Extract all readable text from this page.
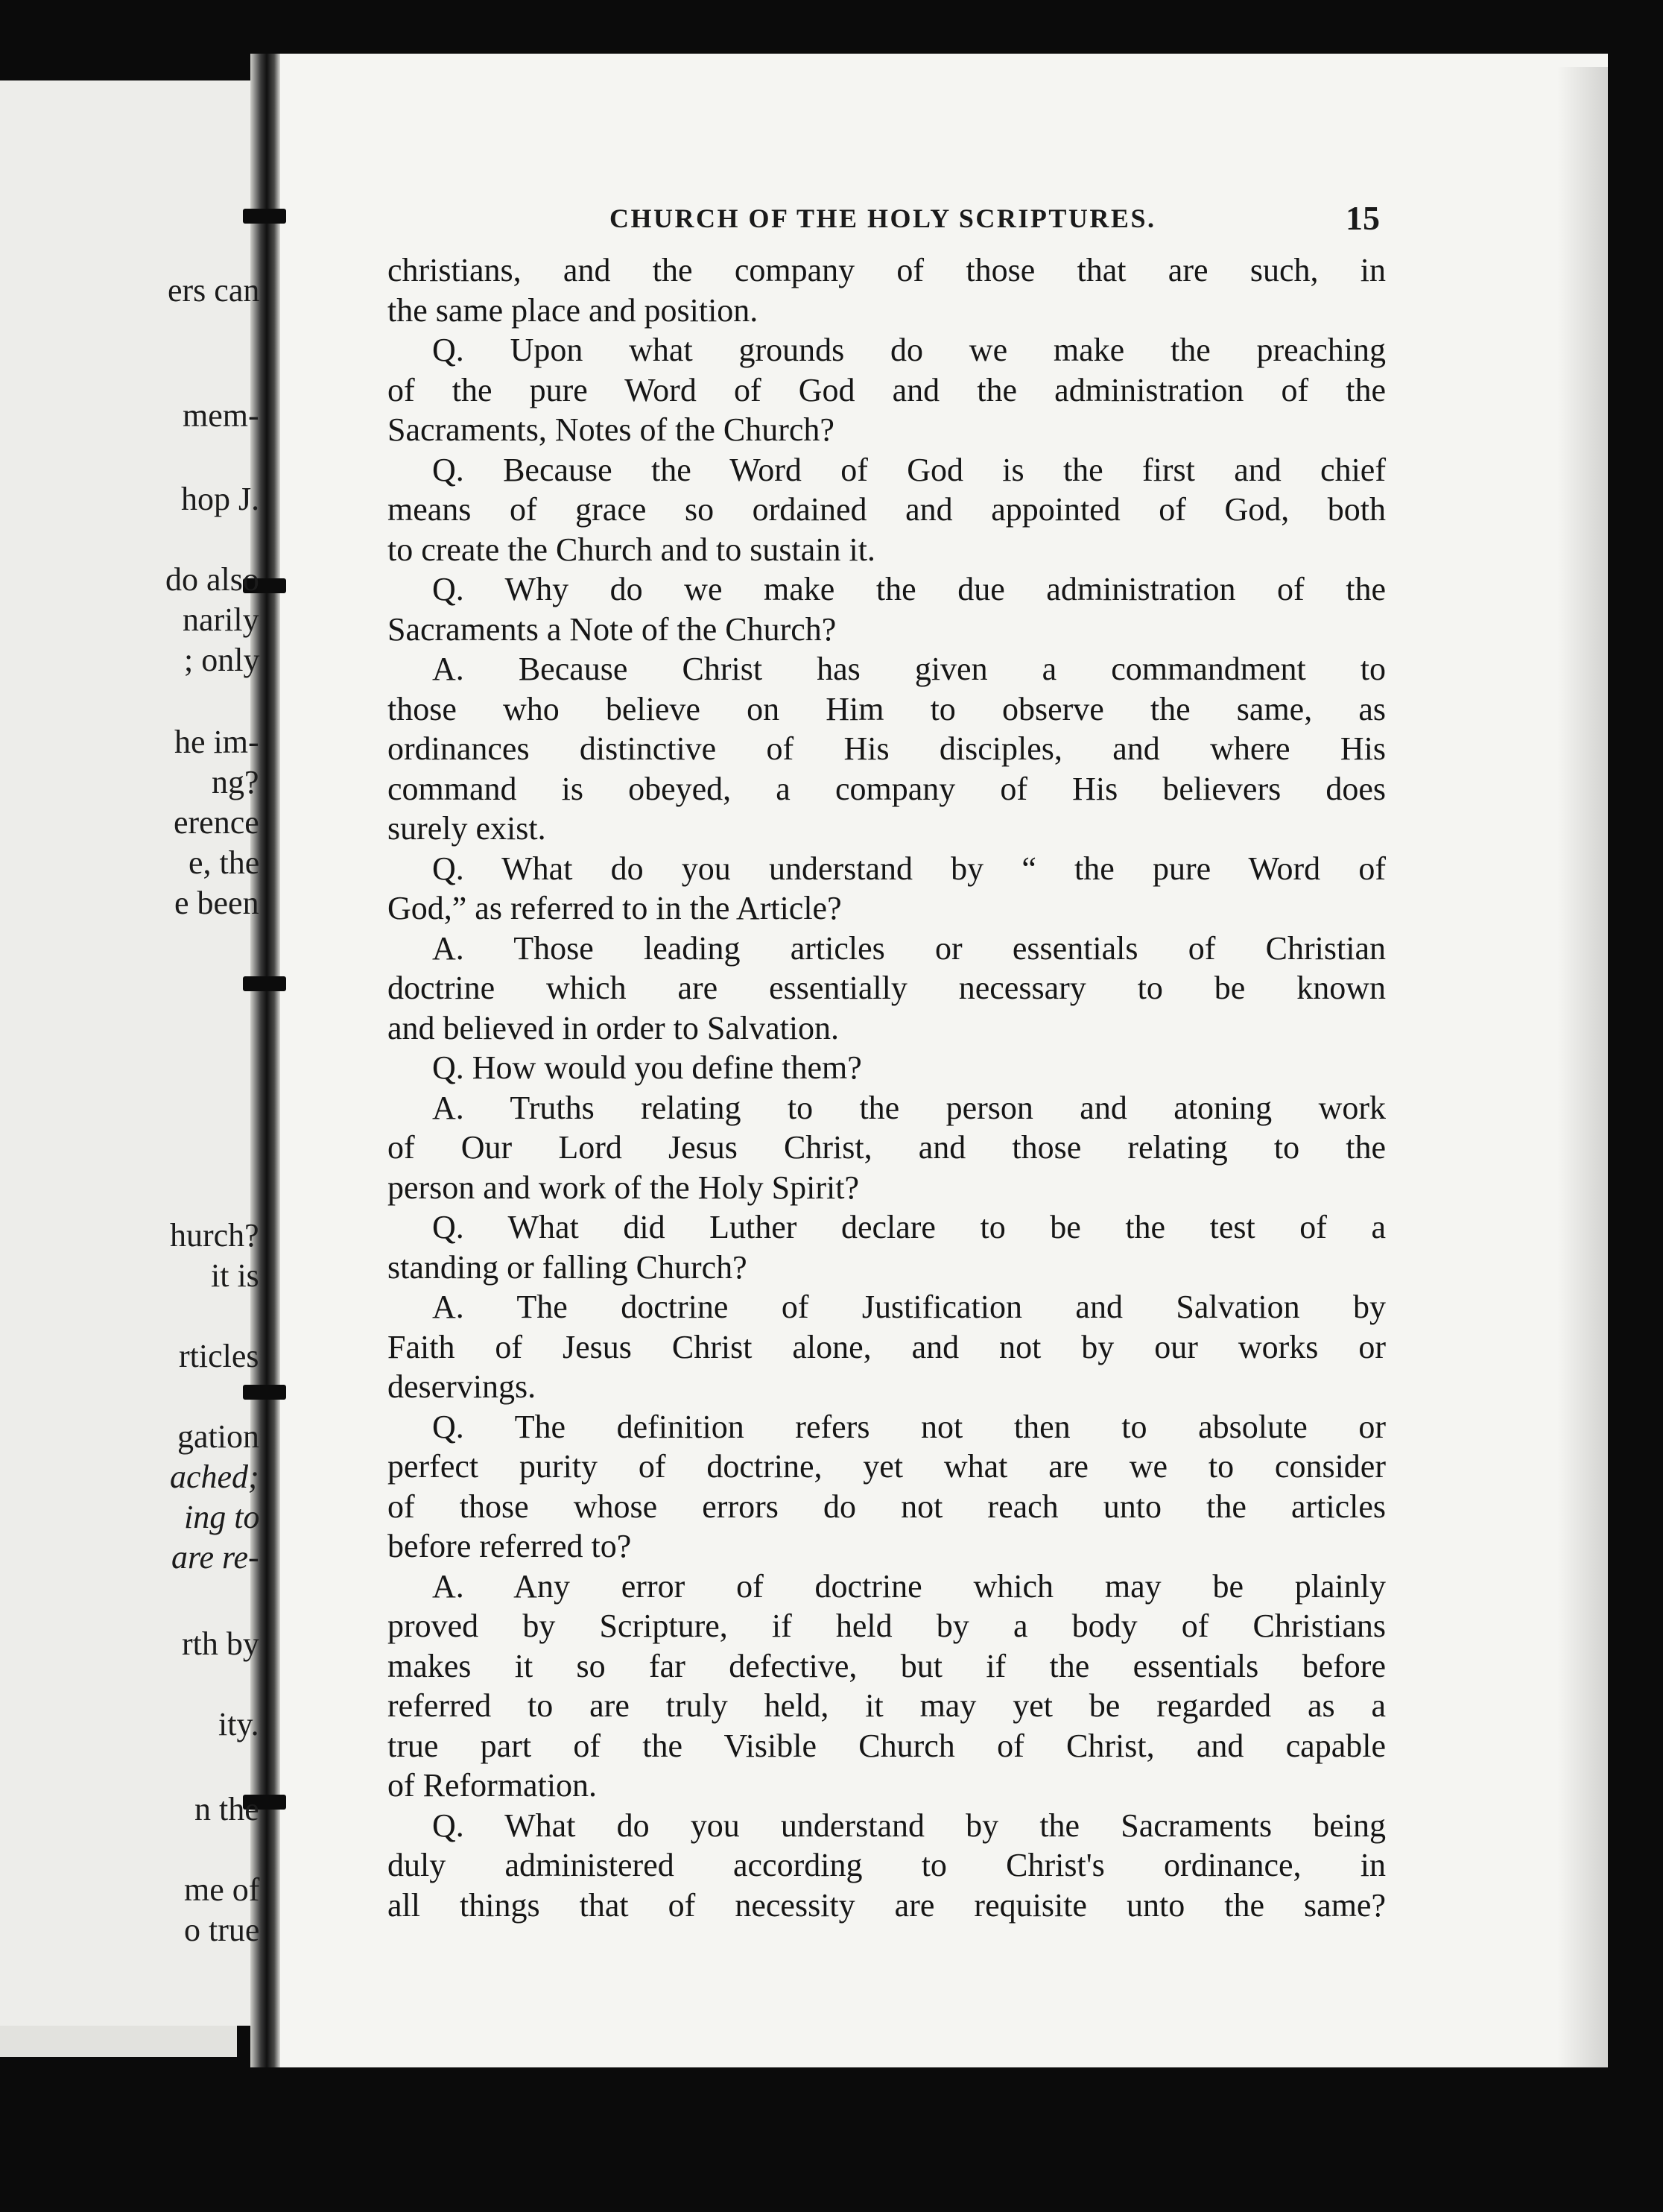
CHURCH OF THE HOLY SCRIPTURES.	15
christians, and the company of those that are such, in
the same place and position.
Q. Upon what grounds do we make the preaching
of the pure Word of God and the administration of the
Sacraments, Notes of the Church?
Q. Because the Word of God is the first and chief
means of grace so ordained and appointed of God, both
to create the Church and to sustain it.
Q. Why do we make the due administration of the
Sacraments a Note of the Church?
A. Because Christ has given a commandment to
those who believe on Him to observe the same, as
ordinances distinctive of His disciples, and where His
command is obeyed, a company of His believers does
surely exist.
Q. What do you understand by “ the pure Word of
God,” as referred to in the Article?
A. Those leading articles or essentials of Christian
doctrine which are essentially necessary to be known
and believed in order to Salvation.
Q. How would you define them?
A. Truths relating to the person and atoning work
of Our Lord Jesus Christ, and those relating to the
person and work of the Holy Spirit?
Q. What did Luther declare to be the test of a
standing or falling Church?
A. The doctrine of Justification and Salvation by
Faith of Jesus Christ alone, and not by our works or
deservings.
Q. The definition refers not then to absolute or
perfect purity of doctrine, yet what are we to consider
of those whose errors do not reach unto the articles
before referred to?
A. Any error of doctrine which may be plainly
proved by Scripture, if held by a body of Christians
makes it so far defective, but if the essentials before
referred to are truly held, it may yet be regarded as a
true part of the Visible Church of Christ, and capable
of Reformation.
Q. What do you understand by the Sacraments being
duly administered according to Christ's ordinance, in
all things that of necessity are requisite unto the same?
ers can
mem-
hop J.
do also
narily
; only
he im-
ng?
erence
e, the
e been
hurch?
it is
rticles
gation
ached;
ing to
are re-
rth by
ity.
n the
me of
o true
